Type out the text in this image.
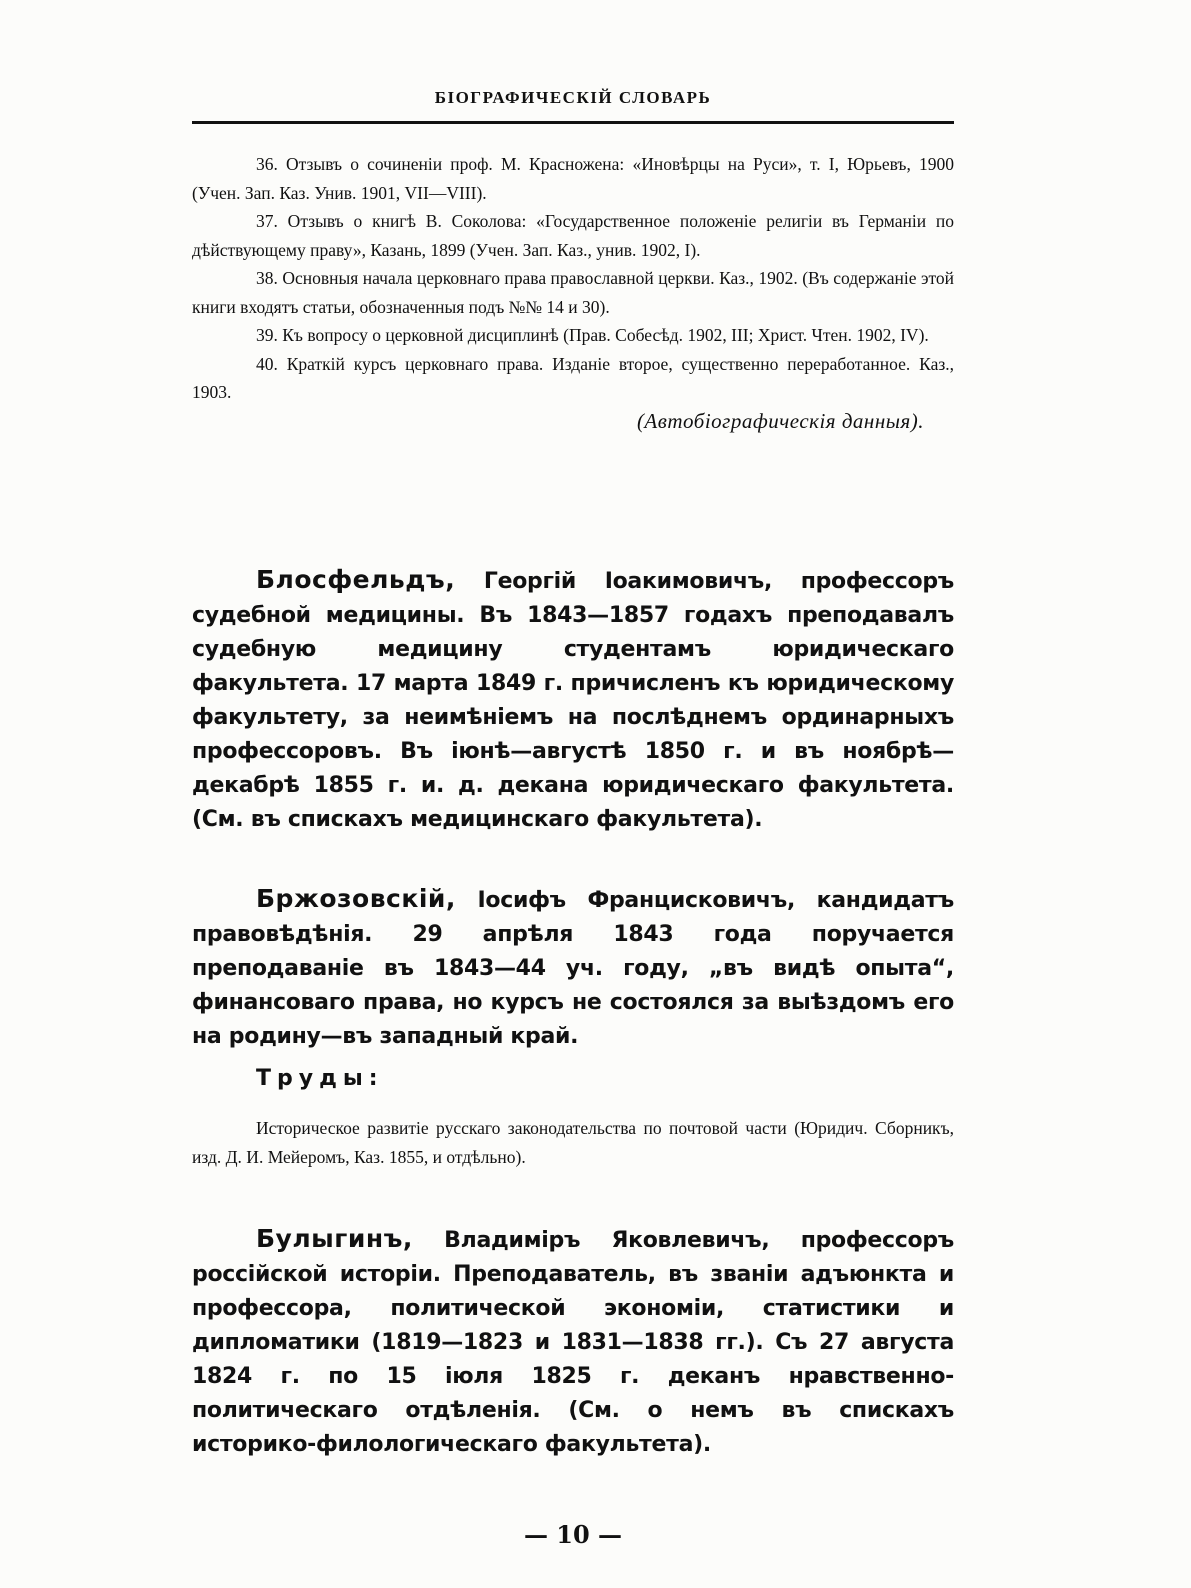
БІОГРАФИЧЕСКІЙ СЛОВАРЬ

36. Отзывъ о сочиненіи проф. М. Красножена: «Иновѣрцы на Руси», т. I, Юрьевъ, 1900 (Учен. Зап. Каз. Унив. 1901, VII—VIII).

37. Отзывъ о книгѣ В. Соколова: «Государственное положеніе религіи въ Германіи по дѣйствующему праву», Казань, 1899 (Учен. Зап. Каз., унив. 1902, I).

38. Основныя начала церковнаго права православной церкви. Каз., 1902. (Въ содержаніе этой книги входятъ статьи, обозначенныя подъ №№ 14 и 30).

39. Къ вопросу о церковной дисциплинѣ (Прав. Собесѣд. 1902, III; Христ. Чтен. 1902, IV).

40. Краткій курсъ церковнаго права. Изданіе второе, существенно переработанное. Каз., 1903.

(Автобіографическія данныя).

Блосфельдъ, Георгій Іоакимовичъ, профессоръ судебной медицины. Въ 1843—1857 годахъ преподавалъ судебную медицину студентамъ юридическаго факультета. 17 марта 1849 г. причисленъ къ юридическому факультету, за неимѣніемъ на послѣднемъ ординарныхъ профессоровъ. Въ іюнѣ—августѣ 1850 г. и въ ноябрѣ—декабрѣ 1855 г. и. д. декана юридическаго факультета. (См. въ спискахъ медицинскаго факультета).

Бржозовскій, Іосифъ Францисковичъ, кандидатъ правовѣдѣнія. 29 апрѣля 1843 года поручается преподаваніе въ 1843—44 уч. году, „въ видѣ опыта“, финансоваго права, но курсъ не состоялся за выѣздомъ его на родину—въ западный край.

Труды:

Историческое развитіе русскаго законодательства по почтовой части (Юридич. Сборникъ, изд. Д. И. Мейеромъ, Каз. 1855, и отдѣльно).

Булыгинъ, Владиміръ Яковлевичъ, профессоръ россійской исторіи. Преподаватель, въ званіи адъюнкта и профессора, политической экономіи, статистики и дипломатики (1819—1823 и 1831—1838 гг.). Съ 27 августа 1824 г. по 15 іюля 1825 г. деканъ нравственно-политическаго отдѣленія. (См. о немъ въ спискахъ историко-филологическаго факультета).

— 10 —
